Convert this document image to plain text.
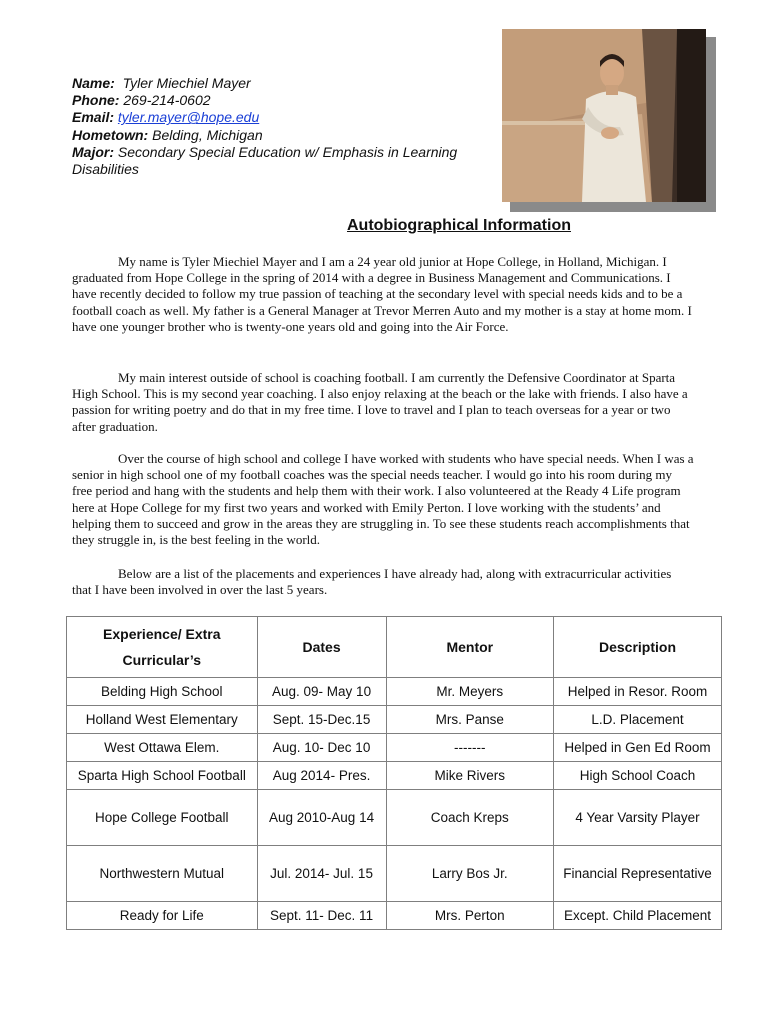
Name: Tyler Miechiel Mayer
Phone: 269-214-0602
Email: tyler.mayer@hope.edu
Hometown: Belding, Michigan
Major: Secondary Special Education w/ Emphasis in Learning Disabilities
Autobiographical Information

My name is Tyler Miechiel Mayer and I am a 24 year old junior at Hope College, in Holland, Michigan. I graduated from Hope College in the spring of 2014 with a degree in Business Management and Communications. I have recently decided to follow my true passion of teaching at the secondary level with special needs kids and to be a football coach as well. My father is a General Manager at Trevor Merren Auto and my mother is a stay at home mom. I have one younger brother who is twenty-one years old and going into the Air Force.

My main interest outside of school is coaching football. I am currently the Defensive Coordinator at Sparta High School. This is my second year coaching. I also enjoy relaxing at the beach or the lake with friends. I also have a passion for writing poetry and do that in my free time. I love to travel and I plan to teach overseas for a year or two after graduation.

Over the course of high school and college I have worked with students who have special needs. When I was a senior in high school one of my football coaches was the special needs teacher. I would go into his room during my free period and hang with the students and help them with their work. I also volunteered at the Ready 4 Life program here at Hope College for my first two years and worked with Emily Perton. I love working with the students’ and helping them to succeed and grow in the areas they are struggling in. To see these students reach accomplishments that they struggle in, is the best feeling in the world.

Below are a list of the placements and experiences I have already had, along with extracurricular activities that I have been involved in over the last 5 years.

Experience/ Extra Curricular’s	Dates	Mentor	Description
Belding High School	Aug. 09- May 10	Mr. Meyers	Helped in Resor. Room
Holland West Elementary	Sept. 15-Dec.15	Mrs. Panse	L.D. Placement
West Ottawa Elem.	Aug. 10- Dec 10	-------	Helped in Gen Ed Room
Sparta High School Football	Aug 2014- Pres.	Mike Rivers	High School Coach
Hope College Football	Aug 2010-Aug 14	Coach Kreps	4 Year Varsity Player
Northwestern Mutual	Jul. 2014- Jul. 15	Larry Bos Jr.	Financial Representative
Ready for Life	Sept. 11- Dec. 11	Mrs. Perton	Except. Child Placement
